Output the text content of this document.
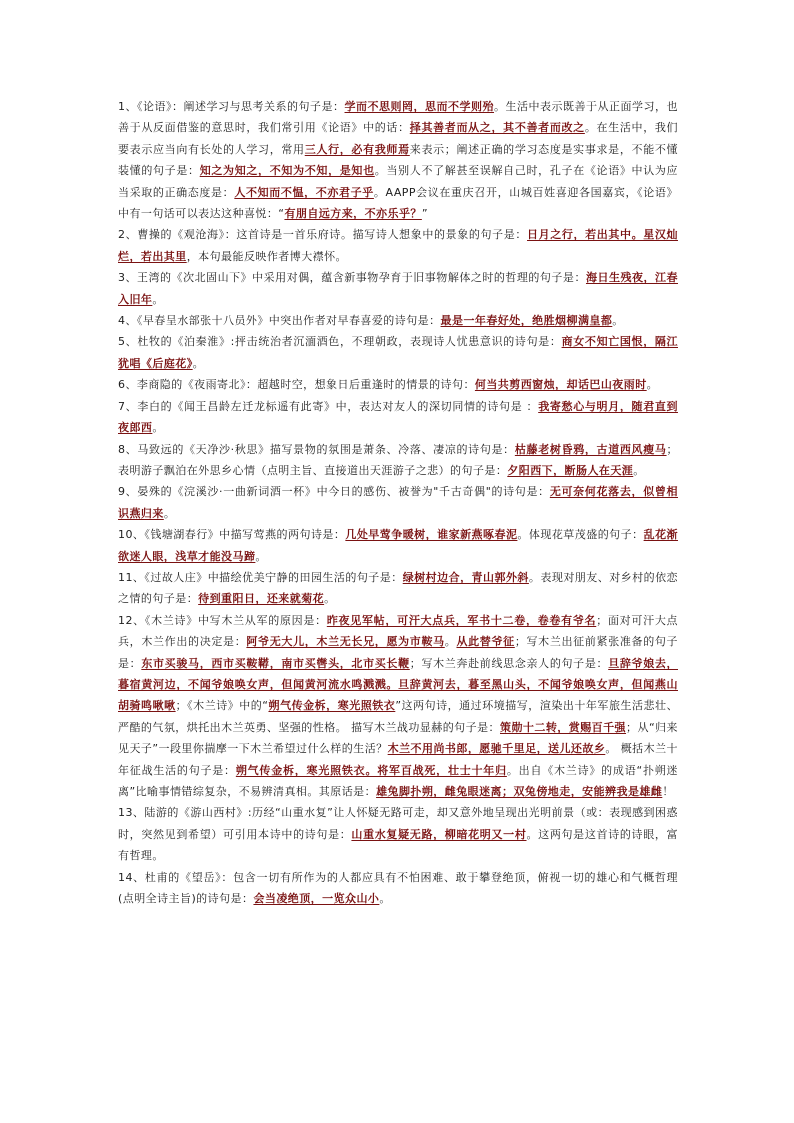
1、《论语》：阐述学习与思考关系的句子是：学而不思则罔，思而不学则殆。生活中表示既善于从正面学习，也善于从反面借鉴的意思时，我们常引用《论语》中的话：择其善者而从之，其不善者而改之。在生活中，我们要表示应当向有长处的人学习，常用三人行，必有我师焉来表示；阐述正确的学习态度是实事求是，不能不懂装懂的句子是：知之为知之，不知为不知，是知也。当别人不了解甚至误解自己时，孔子在《论语》中认为应当采取的正确态度是：人不知而不愠，不亦君子乎。AAPP会议在重庆召开，山城百姓喜迎各国嘉宾，《论语》中有一句话可以表达这种喜悦：“有朋自远方来，不亦乐乎？”

2、曹操的《观沧海》：这首诗是一首乐府诗。描写诗人想象中的景象的句子是：日月之行，若出其中。星汉灿烂，若出其里，本句最能反映作者博大襟怀。

3、王湾的《次北固山下》中采用对偶，蕴含新事物孕育于旧事物解体之时的哲理的句子是：海日生残夜，江春入旧年。

4、《早春呈水部张十八员外》中突出作者对早春喜爱的诗句是：最是一年春好处，绝胜烟柳满皇都。

5、杜牧的《泊秦淮》:抨击统治者沉湎酒色，不理朝政，表现诗人忧患意识的诗句是：商女不知亡国恨，隔江犹唱《后庭花》。

6、李商隐的《夜雨寄北》：超越时空，想象日后重逢时的情景的诗句：何当共剪西窗烛，却话巴山夜雨时。

7、李白的《闻王昌龄左迁龙标遥有此寄》中，表达对友人的深切同情的诗句是 ：我寄愁心与明月，随君直到夜郎西。

8、马致远的《天净沙·秋思》描写景物的氛围是萧条、冷落、凄凉的诗句是：枯藤老树昏鸦，古道西风瘦马；表明游子飘泊在外思乡心情（点明主旨、直接道出天涯游子之悲）的句子是：夕阳西下，断肠人在天涯。

9、晏殊的《浣溪沙·一曲新词酒一杯》中今日的感伤、被誉为"千古奇偶"的诗句是：无可奈何花落去，似曾相识燕归来。

10、《钱塘湖春行》中描写莺燕的两句诗是：几处早莺争暖树，谁家新燕啄春泥。体现花草茂盛的句子：乱花渐欲迷人眼，浅草才能没马蹄。

11、《过故人庄》中描绘优美宁静的田园生活的句子是：绿树村边合，青山郭外斜。表现对朋友、对乡村的依恋之情的句子是：待到重阳日，还来就菊花。

12、《木兰诗》中写木兰从军的原因是：昨夜见军帖，可汗大点兵，军书十二卷，卷卷有爷名；面对可汗大点兵，木兰作出的决定是：阿爷无大儿，木兰无长兄，愿为市鞍马。从此替爷征；写木兰出征前紧张准备的句子是：东市买骏马，西市买鞍鞯，南市买辔头，北市买长鞭；写木兰奔赴前线思念亲人的句子是：旦辞爷娘去，暮宿黄河边，不闻爷娘唤女声，但闻黄河流水鸣溅溅。旦辞黄河去，暮至黑山头，不闻爷娘唤女声，但闻燕山胡骑鸣啾啾；《木兰诗》中的“朔气传金柝，寒光照铁衣”这两句诗，通过环境描写，渲染出十年军旅生活悲壮、严酷的气氛，烘托出木兰英勇、坚强的性格。 描写木兰战功显赫的句子是：策勋十二转，赏赐百千强；从“归来见天子”一段里你揣摩一下木兰希望过什么样的生活？木兰不用尚书郎，愿驰千里足，送儿还故乡。 概括木兰十年征战生活的句子是：朔气传金柝，寒光照铁衣。将军百战死，壮士十年归。出自《木兰诗》的成语“扑朔迷离”比喻事情错综复杂，不易辨清真相。其原话是：雄兔脚扑朔，雌兔眼迷离；双兔傍地走，安能辨我是雄雌！

13、陆游的《游山西村》:历经“山重水复”让人怀疑无路可走，却又意外地呈现出光明前景（或：表现感到困惑时，突然见到希望）可引用本诗中的诗句是：山重水复疑无路，柳暗花明又一村。这两句是这首诗的诗眼，富有哲理。

14、杜甫的《望岳》：包含一切有所作为的人都应具有不怕困难、敢于攀登绝顶，俯视一切的雄心和气概哲理(点明全诗主旨)的诗句是：会当凌绝顶，一览众山小。
